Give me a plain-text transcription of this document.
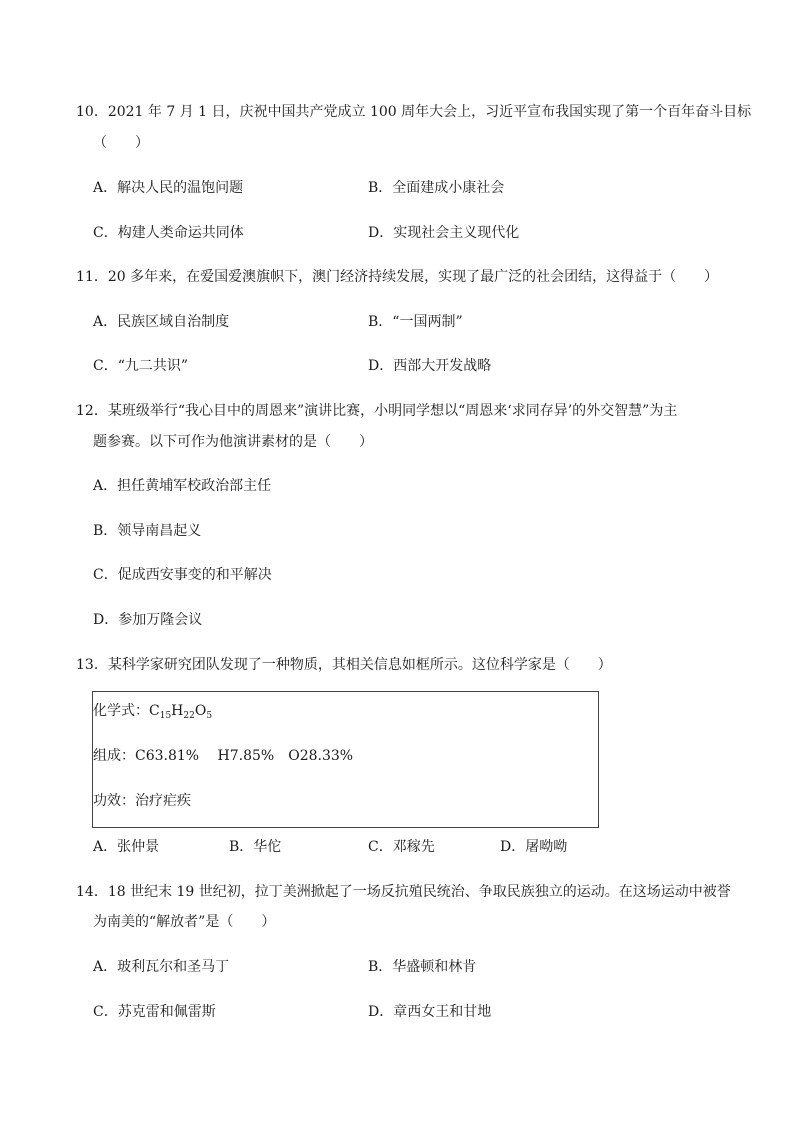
10．2021 年 7 月 1 日，庆祝中国共产党成立 100 周年大会上，习近平宣布我国实现了第一个百年奋斗目标
（　　）
A．解决人民的温饱问题	B．全面建成小康社会
C．构建人类命运共同体	D．实现社会主义现代化
11．20 多年来，在爱国爱澳旗帜下，澳门经济持续发展，实现了最广泛的社会团结，这得益于（　　）
A．民族区域自治制度	B．“一国两制”
C．“九二共识”	D．西部大开发战略
12．某班级举行“我心目中的周恩来”演讲比赛，小明同学想以“周恩来‘求同存异’的外交智慧”为主
题参赛。以下可作为他演讲素材的是（　　）
A．担任黄埔军校政治部主任
B．领导南昌起义
C．促成西安事变的和平解决
D．参加万隆会议
13．某科学家研究团队发现了一种物质，其相关信息如框所示。这位科学家是（　　）
化学式：$C_{15}H_{22}O_5$
组成：C63.81%　 H7.85%　O28.33%
功效：治疗疟疾
A．张仲景	B．华佗	C．邓稼先	D．屠呦呦
14．18 世纪末 19 世纪初，拉丁美洲掀起了一场反抗殖民统治、争取民族独立的运动。在这场运动中被誉
为南美的“解放者”是（　　）
A．玻利瓦尔和圣马丁	B．华盛顿和林肯
C．苏克雷和佩雷斯	D．章西女王和甘地
